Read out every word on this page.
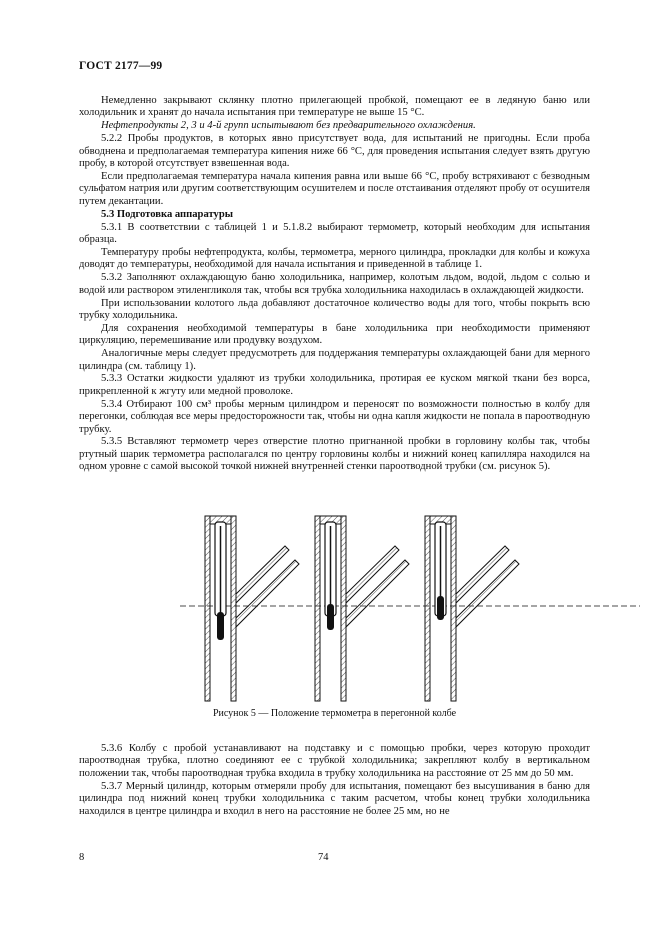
ГОСТ 2177—99

Немедленно закрывают склянку плотно прилегающей пробкой, помещают ее в ледяную баню или холодильник и хранят до начала испытания при температуре не выше 15 °С.

Нефтепродукты 2, 3 и 4-й групп испытывают без предварительного охлаждения.

5.2.2 Пробы продуктов, в которых явно присутствует вода, для испытаний не пригодны. Если проба обводнена и предполагаемая температура кипения ниже 66 °С, для проведения испытания следует взять другую пробу, в которой отсутствует взвешенная вода.

Если предполагаемая температура начала кипения равна или выше 66 °С, пробу встряхивают с безводным сульфатом натрия или другим соответствующим осушителем и после отстаивания отделяют пробу от осушителя путем декантации.

5.3 Подготовка аппаратуры

5.3.1 В соответствии с таблицей 1 и 5.1.8.2 выбирают термометр, который необходим для испытания образца.

Температуру пробы нефтепродукта, колбы, термометра, мерного цилиндра, прокладки для колбы и кожуха доводят до температуры, необходимой для начала испытания и приведенной в таблице 1.

5.3.2 Заполняют охлаждающую баню холодильника, например, колотым льдом, водой, льдом с солью и водой или раствором этиленгликоля так, чтобы вся трубка холодильника находилась в охлаждающей жидкости.

При использовании колотого льда добавляют достаточное количество воды для того, чтобы покрыть всю трубку холодильника.

Для сохранения необходимой температуры в бане холодильника при необходимости применяют циркуляцию, перемешивание или продувку воздухом.

Аналогичные меры следует предусмотреть для поддержания температуры охлаждающей бани для мерного цилиндра (см. таблицу 1).

5.3.3 Остатки жидкости удаляют из трубки холодильника, протирая ее куском мягкой ткани без ворса, прикрепленной к жгуту или медной проволоке.

5.3.4 Отбирают 100 см³ пробы мерным цилиндром и переносят по возможности полностью в колбу для перегонки, соблюдая все меры предосторожности так, чтобы ни одна капля жидкости не попала в пароотводную трубку.

5.3.5 Вставляют термометр через отверстие плотно пригнанной пробки в горловину колбы так, чтобы ртутный шарик термометра располагался по центру горловины колбы и нижний конец капилляра находился на одном уровне с самой высокой точкой нижней внутренней стенки пароотводной трубки (см. рисунок 5).

Рисунок 5 — Положение термометра в перегонной колбе

5.3.6 Колбу с пробой устанавливают на подставку и с помощью пробки, через которую проходит пароотводная трубка, плотно соединяют ее с трубкой холодильника; закрепляют колбу в вертикальном положении так, чтобы пароотводная трубка входила в трубку холодильника на расстояние от 25 мм до 50 мм.

5.3.7 Мерный цилиндр, которым отмеряли пробу для испытания, помещают без высушивания в баню для цилиндра под нижний конец трубки холодильника с таким расчетом, чтобы конец трубки холодильника находился в центре цилиндра и входил в него на расстояние не более 25 мм, но не

8	74
